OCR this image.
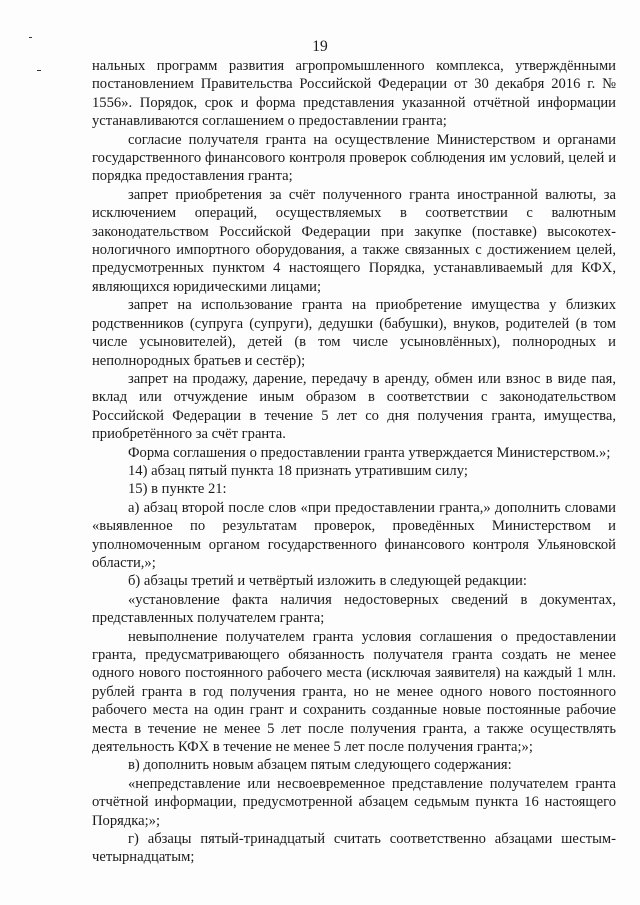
19

нальных программ развития агропромышленного комплекса, утверждёнными постановлением Правительства Российской Федерации от 30 декабря 2016 г. № 1556». Порядок, срок и форма представления указанной отчётной информации устанавливаются соглашением о предоставлении гранта;

согласие получателя гранта на осуществление Министерством и органами государственного финансового контроля проверок соблюдения им условий, целей и порядка предоставления гранта;

запрет приобретения за счёт полученного гранта иностранной валюты, за исключением операций, осуществляемых в соответствии с валютным законодательством Российской Федерации при закупке (поставке) высокотех-нологичного импортного оборудования, а также связанных с достижением целей, предусмотренных пунктом 4 настоящего Порядка, устанавливаемый для КФХ, являющихся юридическими лицами;

запрет на использование гранта на приобретение имущества у близких родственников (супруга (супруги), дедушки (бабушки), внуков, родителей (в том числе усыновителей), детей (в том числе усыновлённых), полнородных и неполнородных братьев и сестёр);

запрет на продажу, дарение, передачу в аренду, обмен или взнос в виде пая, вклад или отчуждение иным образом в соответствии с законодательством Российской Федерации в течение 5 лет со дня получения гранта, имущества, приобретённого за счёт гранта.

Форма соглашения о предоставлении гранта утверждается Министерством.»;

14) абзац пятый пункта 18 признать утратившим силу;

15) в пункте 21:

а) абзац второй после слов «при предоставлении гранта,» дополнить словами «выявленное по результатам проверок, проведённых Министерством и уполномоченным органом государственного финансового контроля Ульяновской области,»;

б) абзацы третий и четвёртый изложить в следующей редакции:

«установление факта наличия недостоверных сведений в документах, представленных получателем гранта;

невыполнение получателем гранта условия соглашения о предоставлении гранта, предусматривающего обязанность получателя гранта создать не менее одного нового постоянного рабочего места (исключая заявителя) на каждый 1 млн. рублей гранта в год получения гранта, но не менее одного нового постоянного рабочего места на один грант и сохранить созданные новые постоянные рабочие места в течение не менее 5 лет после получения гранта, а также осуществлять деятельность КФХ в течение не менее 5 лет после получения гранта;»;

в) дополнить новым абзацем пятым следующего содержания:

«непредставление или несвоевременное представление получателем гранта отчётной информации, предусмотренной абзацем седьмым пункта 16 настоящего Порядка;»;

г) абзацы пятый-тринадцатый считать соответственно абзацами шестым-четырнадцатым;
